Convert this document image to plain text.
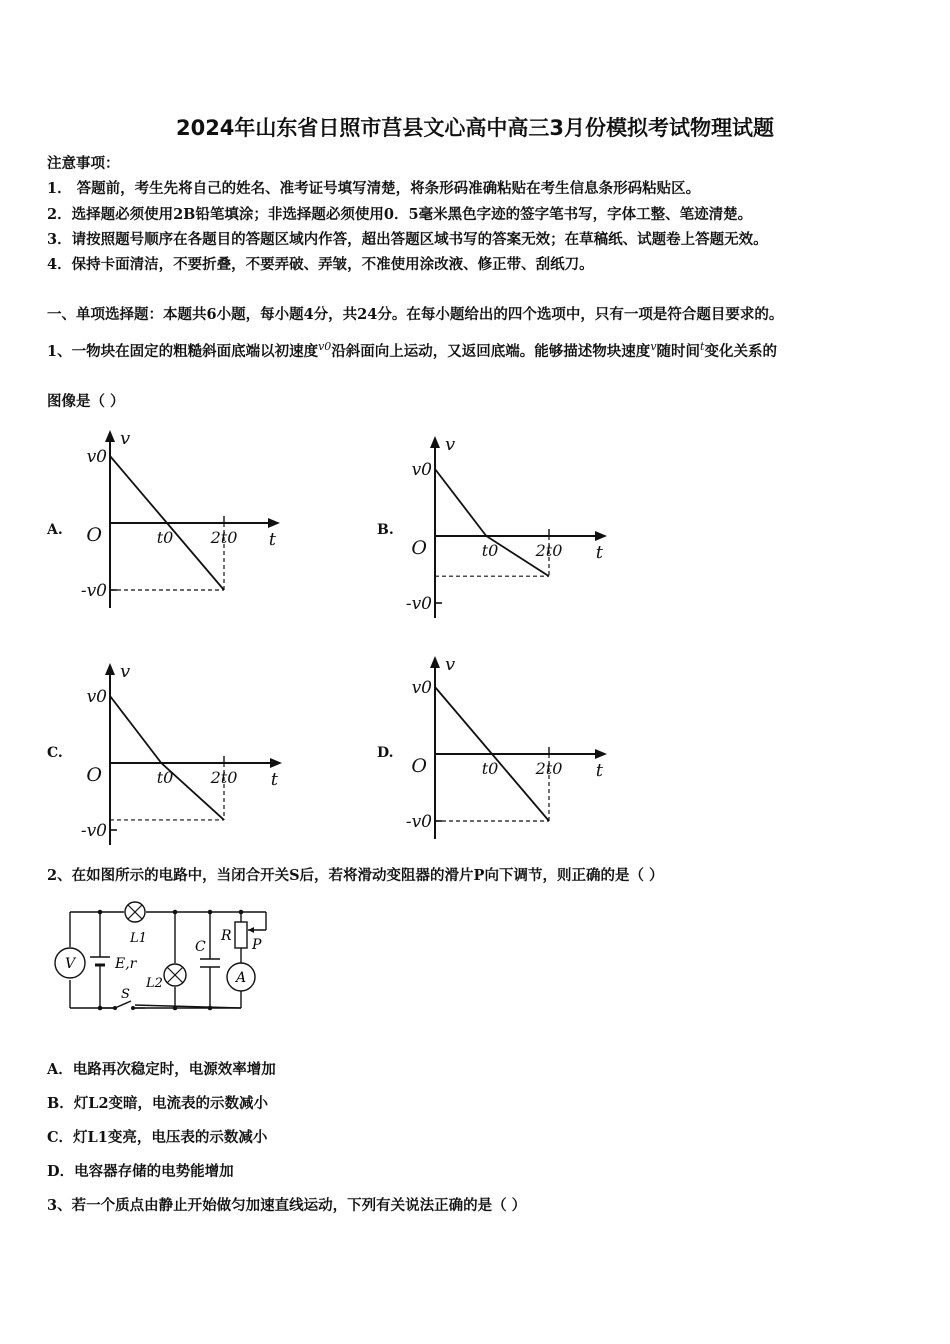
2024年山东省日照市莒县文心高中高三3月份模拟考试物理试题
注意事项：
1． 答题前，考生先将自己的姓名、准考证号填写清楚，将条形码准确粘贴在考生信息条形码粘贴区。
2．选择题必须使用2B铅笔填涂；非选择题必须使用0．5毫米黑色字迹的签字笔书写，字体工整、笔迹清楚。
3．请按照题号顺序在各题目的答题区域内作答，超出答题区域书写的答案无效；在草稿纸、试题卷上答题无效。
4．保持卡面清洁，不要折叠，不要弄破、弄皱，不准使用涂改液、修正带、刮纸刀。
一、单项选择题：本题共6小题，每小题4分，共24分。在每小题给出的四个选项中，只有一项是符合题目要求的。
1、一物块在固定的粗糙斜面底端以初速度$^{v0}$沿斜面向上运动，又返回底端。能够描述物块速度$^v$随时间$^t$变化关系的
图像是（ ）
A.	B.
C.	D.
v
t
O
v0
-v0
t0 2t0
v
t
O
v0
-v0
t0 2t0
v
t
O
v0
-v0
t0 2t0
v
t
O
v0
-v0
t0 2t0
2、在如图所示的电路中，当闭合开关S后，若将滑动变阻器的滑片P向下调节，则正确的是（ ）
V
A
L1
L2
E,r
S
C
R
P
A．电路再次稳定时，电源效率增加
B．灯L2变暗，电流表的示数减小
C．灯L1变亮，电压表的示数减小
D．电容器存储的电势能增加
3、若一个质点由静止开始做匀加速直线运动，下列有关说法正确的是（ ）
